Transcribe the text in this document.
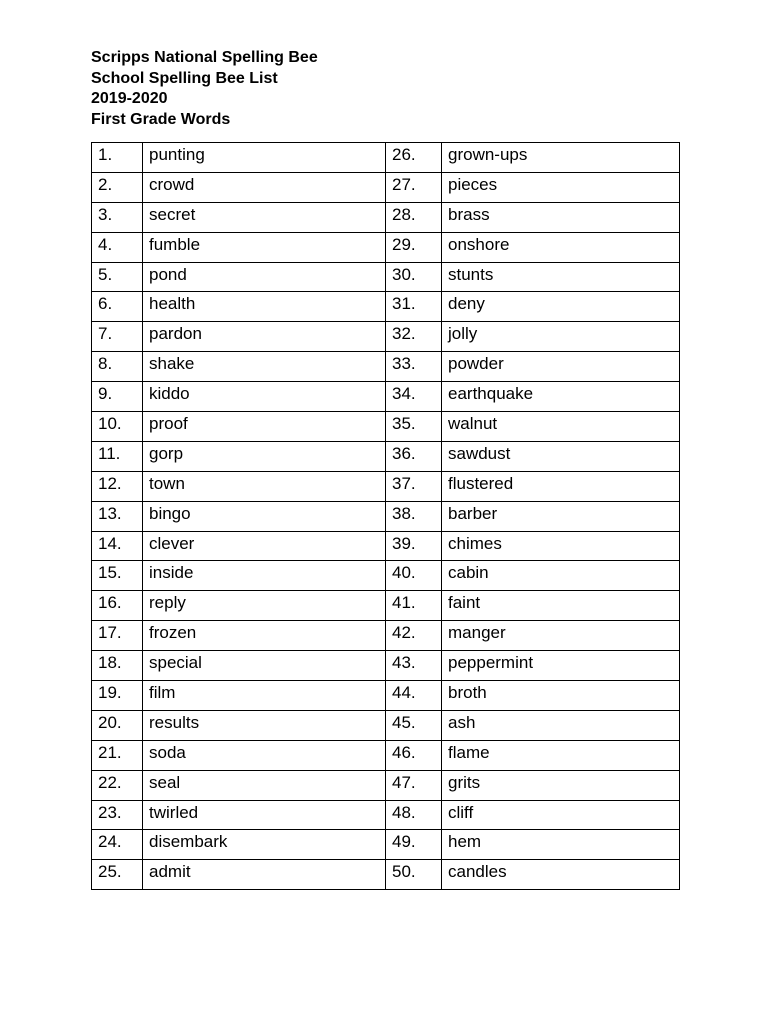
Scripps National Spelling Bee
School Spelling Bee List
2019-2020
First Grade Words
1.	punting	26.	grown-ups
2.	crowd	27.	pieces
3.	secret	28.	brass
4.	fumble	29.	onshore
5.	pond	30.	stunts
6.	health	31.	deny
7.	pardon	32.	jolly
8.	shake	33.	powder
9.	kiddo	34.	earthquake
10.	proof	35.	walnut
11.	gorp	36.	sawdust
12.	town	37.	flustered
13.	bingo	38.	barber
14.	clever	39.	chimes
15.	inside	40.	cabin
16.	reply	41.	faint
17.	frozen	42.	manger
18.	special	43.	peppermint
19.	film	44.	broth
20.	results	45.	ash
21.	soda	46.	flame
22.	seal	47.	grits
23.	twirled	48.	cliff
24.	disembark	49.	hem
25.	admit	50.	candles
